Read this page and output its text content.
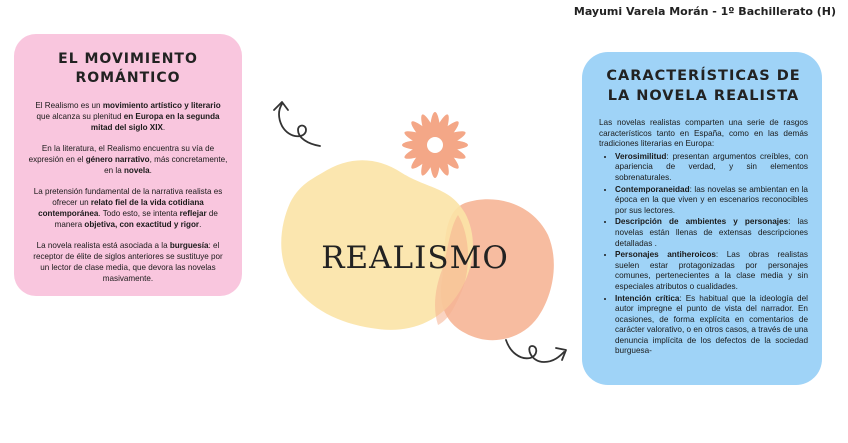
Mayumi Varela Morán - 1º Bachillerato (H)
REALISMO
EL MOVIMIENTO
ROMÁNTICO

El Realismo es un movimiento artístico y literario que alcanza su plenitud en Europa en la segunda mitad del siglo XIX.

En la literatura, el Realismo encuentra su vía de expresión en el género narrativo, más concretamente, en la novela.

La pretensión fundamental de la narrativa realista es ofrecer un relato fiel de la vida cotidiana contemporánea. Todo esto, se intenta reflejar de manera objetiva, con exactitud y rigor.

La novela realista está asociada a la burguesía: el receptor de élite de siglos anteriores se sustituye por un lector de clase media, que devora las novelas masivamente.

CARACTERÍSTICAS DE
LA NOVELA REALISTA

Las novelas realistas comparten una serie de rasgos característicos tanto en España, como en las demás tradiciones literarias en Europa:

• Verosimilitud: presentan argumentos creíbles, con apariencia de verdad, y sin elementos sobrenaturales.
• Contemporaneidad: las novelas se ambientan en la época en la que viven y en escenarios reconocibles por sus lectores.
• Descripción de ambientes y personajes: las novelas están llenas de extensas descripciones detalladas .
• Personajes antiheroicos: Las obras realistas suelen estar protagonizadas por personajes comunes, pertenecientes a la clase media y sin especiales atributos o cualidades.
• Intención crítica: Es habitual que la ideología del autor impregne el punto de vista del narrador. En ocasiones, de forma explícita en comentarios de carácter valorativo, o en otros casos, a través de una denuncia implícita de los defectos de la sociedad burguesa-
